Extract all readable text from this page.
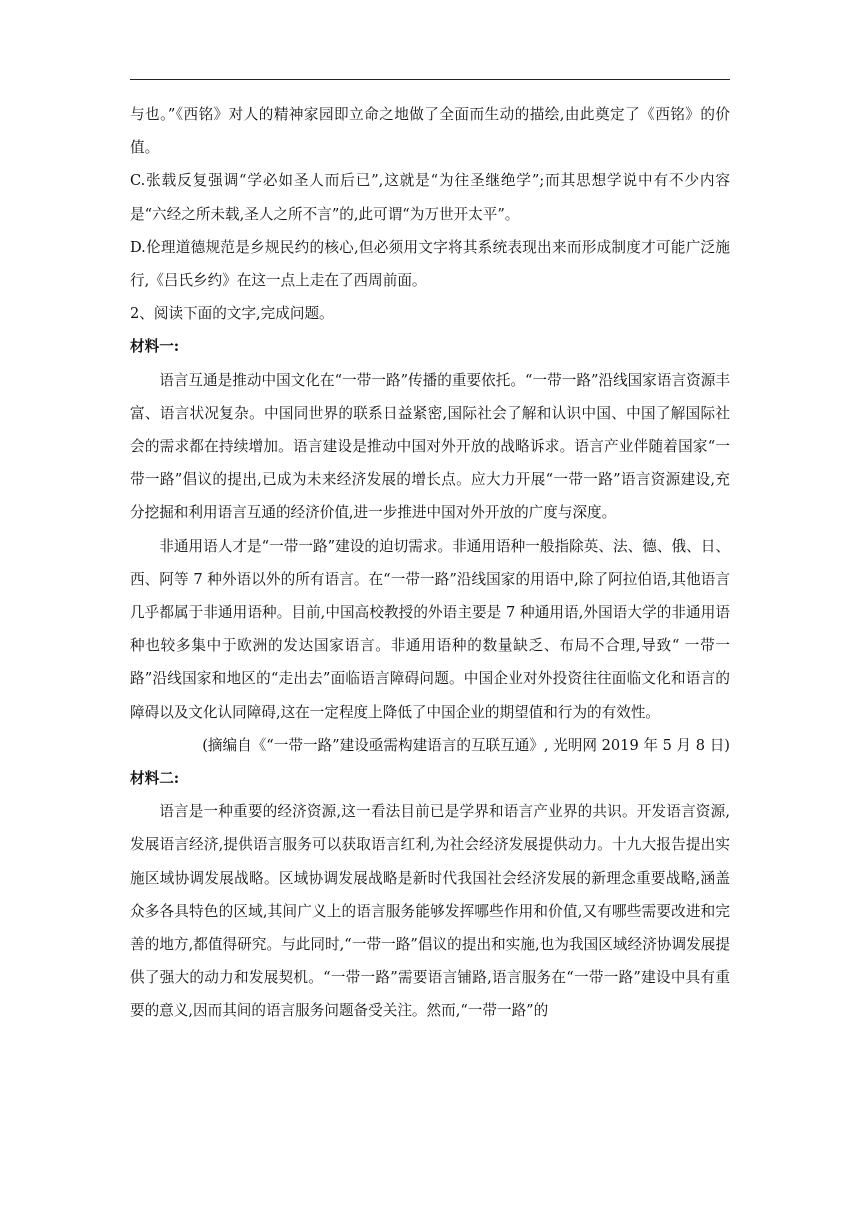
与也。”《西铭》对人的精神家园即立命之地做了全面而生动的描绘,由此奠定了《西铭》的价值。

C.张载反复强调“学必如圣人而后已”,这就是“为往圣继绝学”;而其思想学说中有不少内容是“六经之所未载,圣人之所不言”的,此可谓“为万世开太平”。

D.伦理道德规范是乡规民约的核心,但必须用文字将其系统表现出来而形成制度才可能广泛施行,《吕氏乡约》在这一点上走在了西周前面。

2、阅读下面的文字,完成问题。

材料一:

语言互通是推动中国文化在“一带一路”传播的重要依托。“一带一路”沿线国家语言资源丰富、语言状况复杂。中国同世界的联系日益紧密,国际社会了解和认识中国、中国了解国际社会的需求都在持续增加。语言建设是推动中国对外开放的战略诉求。语言产业伴随着国家“一带一路”倡议的提出,已成为未来经济发展的增长点。应大力开展“一带一路”语言资源建设,充分挖掘和利用语言互通的经济价值,进一步推进中国对外开放的广度与深度。

非通用语人才是“一带一路”建设的迫切需求。非通用语种一般指除英、法、德、俄、日、西、阿等 7 种外语以外的所有语言。在“一带一路”沿线国家的用语中,除了阿拉伯语,其他语言几乎都属于非通用语种。目前,中国高校教授的外语主要是 7 种通用语,外国语大学的非通用语种也较多集中于欧洲的发达国家语言。非通用语种的数量缺乏、布局不合理,导致“ 一带一路”沿线国家和地区的“走出去”面临语言障碍问题。中国企业对外投资往往面临文化和语言的障碍以及文化认同障碍,这在一定程度上降低了中国企业的期望值和行为的有效性。

(摘编自《“一带一路”建设亟需构建语言的互联互通》, 光明网 2019 年 5 月 8 日)

材料二:

语言是一种重要的经济资源,这一看法目前已是学界和语言产业界的共识。开发语言资源,发展语言经济,提供语言服务可以获取语言红利,为社会经济发展提供动力。十九大报告提出实施区域协调发展战略。区域协调发展战略是新时代我国社会经济发展的新理念重要战略,涵盖众多各具特色的区域,其间广义上的语言服务能够发挥哪些作用和价值,又有哪些需要改进和完善的地方,都值得研究。与此同时,“一带一路”倡议的提出和实施,也为我国区域经济协调发展提供了强大的动力和发展契机。“一带一路”需要语言铺路,语言服务在“一带一路”建设中具有重要的意义,因而其间的语言服务问题备受关注。然而,“一带一路”的
